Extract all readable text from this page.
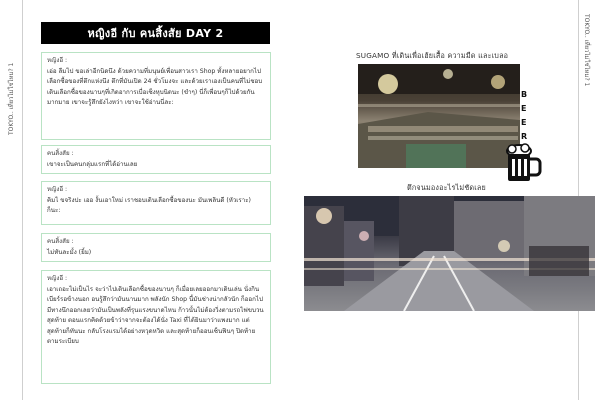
TOKYO.. เที่ยวไม่ใช่ไหม? 1
TOKYO.. เที่ยวไม่ใช่ไหม? 1
หญิงอี กับ คนสิ้งสัย DAY 2
หญิงอี :
เอ่อ ลืมไป ขอเล่าอีกนิดนึง ด้วยความที่มนุษย์เพื่อนสาวเรา Shop ทั้งหลายอยากไปเลือกซื้อของที่ตึกแห่งนึง ตึกที่มันเปิด 24 ชั่วโมงจะ และด้วยเราเองเป็นคนที่ไม่ชอบเดินเลือกซื้อของนานๆที่เกิดอาการเบื่อเซ็งหุบนิดนะ (ขำๆ) นี่ก็เพื่อนๆก็ไปด้วยกันมากมาย เขาจะรู้สึกยังไงหว่า เขาจะใช้อ่านนี่ละ:
คนสิ้งสัย :
เขาจะเป็นคนกลุ่มแรกที่ได้อ่านเลย
หญิงอี :
คิมไ ขจริงปะ เออ งั้นเอาใหม่ เราชอบเดินเลือกซื้อของนะ มันเพลินดี (หัวเราะ) ก็นะ:
คนสิ้งสัย :
ไม่ทันละมั้ง (ยิ้ม)
หญิงอี :
เอาเถอะไม่เป็นไร จะว่าไปเดินเลือกซื้อของนานๆ ก็เมื่อยเลยออกมาเดินเล่น นั่งกินเบียร์รอข้างนอก อนรู้สึกว่ามันนานมาก พลังนัก Shop นี้มันช่างน่ากลัวนัก ก็ออกไปมีทางนึกออกเลยว่ามันเป็นพลังที่รุนแรงขนาดไหน ก้าวนั้นไม่ต้องวิ่งตามรถไฟขบวนสุดท้าย ตอนแรกคิดด้วยข้าว่าจากจะต้องได้นั่ง Taxi ที่ได้ยินมาว่าแพงมาก แต่สุดท้ายก็ทันนะ กลับโรงแรมได้อย่างหวุดหวิด และสุดท้ายก็ออนเซ็นฟินๆ ปิดท้ายตามระเบียบ
SUGAMO ที่เดินเพื่อเฮ้ยเสื้อ ความมืด และเบลอ
B
E
E
R
ตึกจนมองอะไรไม่ชัดเลย
